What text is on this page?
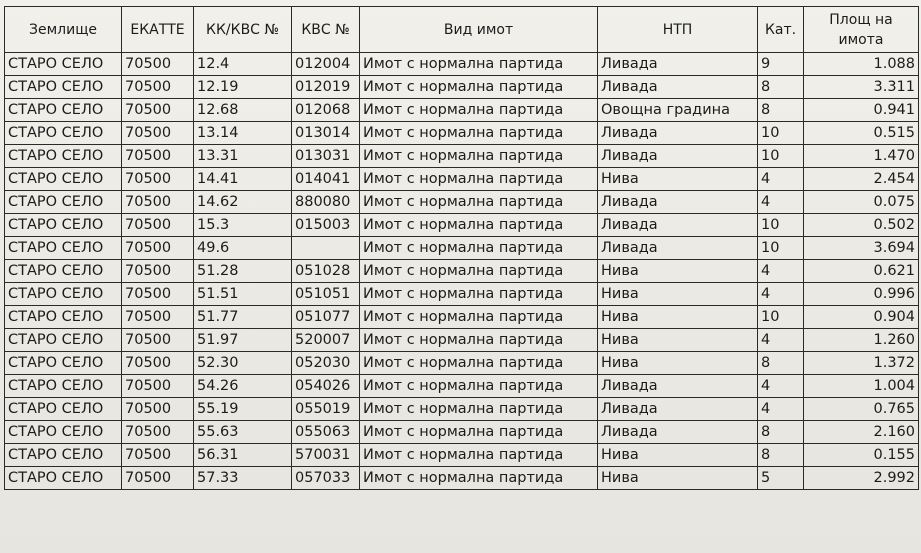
Землище	ЕКАТТЕ	КК/КВС №	КВС №	Вид имот	НТП	Кат.	Площ на имота
СТАРО СЕЛО	70500	12.4	012004	Имот с нормална партида	Ливада	9	1.088
СТАРО СЕЛО	70500	12.19	012019	Имот с нормална партида	Ливада	8	3.311
СТАРО СЕЛО	70500	12.68	012068	Имот с нормална партида	Овощна градина	8	0.941
СТАРО СЕЛО	70500	13.14	013014	Имот с нормална партида	Ливада	10	0.515
СТАРО СЕЛО	70500	13.31	013031	Имот с нормална партида	Ливада	10	1.470
СТАРО СЕЛО	70500	14.41	014041	Имот с нормална партида	Нива	4	2.454
СТАРО СЕЛО	70500	14.62	880080	Имот с нормална партида	Ливада	4	0.075
СТАРО СЕЛО	70500	15.3	015003	Имот с нормална партида	Ливада	10	0.502
СТАРО СЕЛО	70500	49.6		Имот с нормална партида	Ливада	10	3.694
СТАРО СЕЛО	70500	51.28	051028	Имот с нормална партида	Нива	4	0.621
СТАРО СЕЛО	70500	51.51	051051	Имот с нормална партида	Нива	4	0.996
СТАРО СЕЛО	70500	51.77	051077	Имот с нормална партида	Нива	10	0.904
СТАРО СЕЛО	70500	51.97	520007	Имот с нормална партида	Нива	4	1.260
СТАРО СЕЛО	70500	52.30	052030	Имот с нормална партида	Нива	8	1.372
СТАРО СЕЛО	70500	54.26	054026	Имот с нормална партида	Ливада	4	1.004
СТАРО СЕЛО	70500	55.19	055019	Имот с нормална партида	Ливада	4	0.765
СТАРО СЕЛО	70500	55.63	055063	Имот с нормална партида	Ливада	8	2.160
СТАРО СЕЛО	70500	56.31	570031	Имот с нормална партида	Нива	8	0.155
СТАРО СЕЛО	70500	57.33	057033	Имот с нормална партида	Нива	5	2.992
